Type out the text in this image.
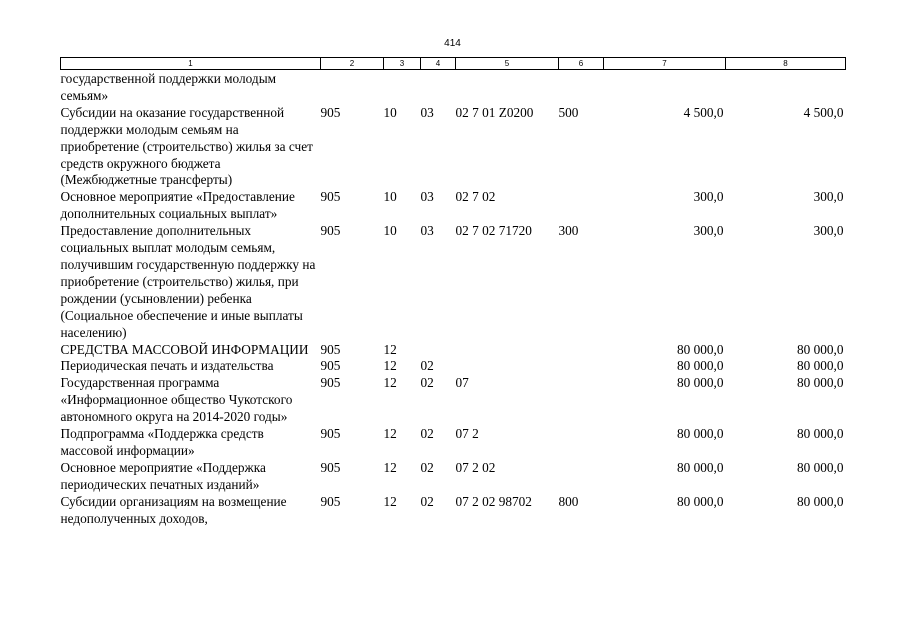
414
1	2	3	4	5	6	7	8
государственной поддержки молодым семьям»							
Субсидии на оказание государственной поддержки молодым семьям на приобретение (строительство) жилья за счет средств окружного бюджета (Межбюджетные трансферты)	905	10	03	02 7 01 Z0200	500	4 500,0	4 500,0
Основное мероприятие «Предоставление дополнительных социальных выплат»	905	10	03	02 7 02		300,0	300,0
Предоставление дополнительных социальных выплат молодым семьям, получившим государственную поддержку на приобретение (строительство) жилья, при рождении (усыновлении) ребенка (Социальное обеспечение и иные выплаты населению)	905	10	03	02 7 02 71720	300	300,0	300,0
СРЕДСТВА МАССОВОЙ ИНФОРМАЦИИ	905	12				80 000,0	80 000,0
Периодическая печать и издательства	905	12	02			80 000,0	80 000,0
Государственная программа «Информационное общество Чукотского автономного округа на 2014-2020 годы»	905	12	02	07		80 000,0	80 000,0
Подпрограмма «Поддержка средств массовой информации»	905	12	02	07 2		80 000,0	80 000,0
Основное мероприятие «Поддержка периодических печатных изданий»	905	12	02	07 2 02		80 000,0	80 000,0
Субсидии организациям на возмещение недополученных доходов,	905	12	02	07 2 02 98702	800	80 000,0	80 000,0
